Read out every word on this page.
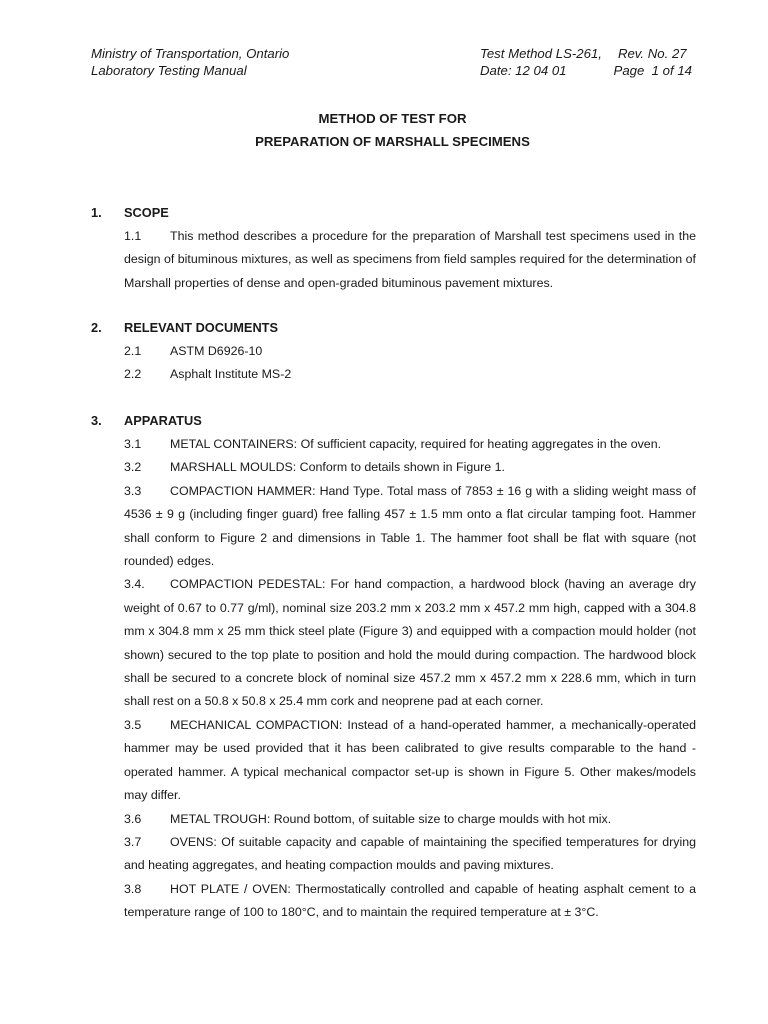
Ministry of Transportation, Ontario
Laboratory Testing Manual
Test Method LS-261, Rev. No. 27
Date: 12 04 01	Page  1 of 14
METHOD OF TEST FOR
PREPARATION OF MARSHALL SPECIMENS
1. SCOPE
1.1 This method describes a procedure for the preparation of Marshall test specimens used in the design of bituminous mixtures, as well as specimens from field samples required for the determination of Marshall properties of dense and open-graded bituminous pavement mixtures.
2. RELEVANT DOCUMENTS
2.1 ASTM D6926-10
2.2 Asphalt Institute MS-2
3. APPARATUS
3.1 METAL CONTAINERS: Of sufficient capacity, required for heating aggregates in the oven.
3.2 MARSHALL MOULDS: Conform to details shown in Figure 1.
3.3 COMPACTION HAMMER: Hand Type. Total mass of 7853 ± 16 g with a sliding weight mass of 4536 ± 9 g (including finger guard) free falling 457 ± 1.5 mm onto a flat circular tamping foot. Hammer shall conform to Figure 2 and dimensions in Table 1. The hammer foot shall be flat with square (not rounded) edges.
3.4. COMPACTION PEDESTAL: For hand compaction, a hardwood block (having an average dry weight of 0.67 to 0.77 g/ml), nominal size 203.2 mm x 203.2 mm x 457.2 mm high, capped with a 304.8 mm x 304.8 mm x 25 mm thick steel plate (Figure 3) and equipped with a compaction mould holder (not shown) secured to the top plate to position and hold the mould during compaction. The hardwood block shall be secured to a concrete block of nominal size 457.2 mm x 457.2 mm x 228.6 mm, which in turn shall rest on a 50.8 x 50.8 x 25.4 mm cork and neoprene pad at each corner.
3.5 MECHANICAL COMPACTION: Instead of a hand-operated hammer, a mechanically-operated hammer may be used provided that it has been calibrated to give results comparable to the hand - operated hammer. A typical mechanical compactor set-up is shown in Figure 5. Other makes/models may differ.
3.6 METAL TROUGH: Round bottom, of suitable size to charge moulds with hot mix.
3.7 OVENS: Of suitable capacity and capable of maintaining the specified temperatures for drying and heating aggregates, and heating compaction moulds and paving mixtures.
3.8 HOT PLATE / OVEN: Thermostatically controlled and capable of heating asphalt cement to a temperature range of 100 to 180°C, and to maintain the required temperature at ± 3°C.
